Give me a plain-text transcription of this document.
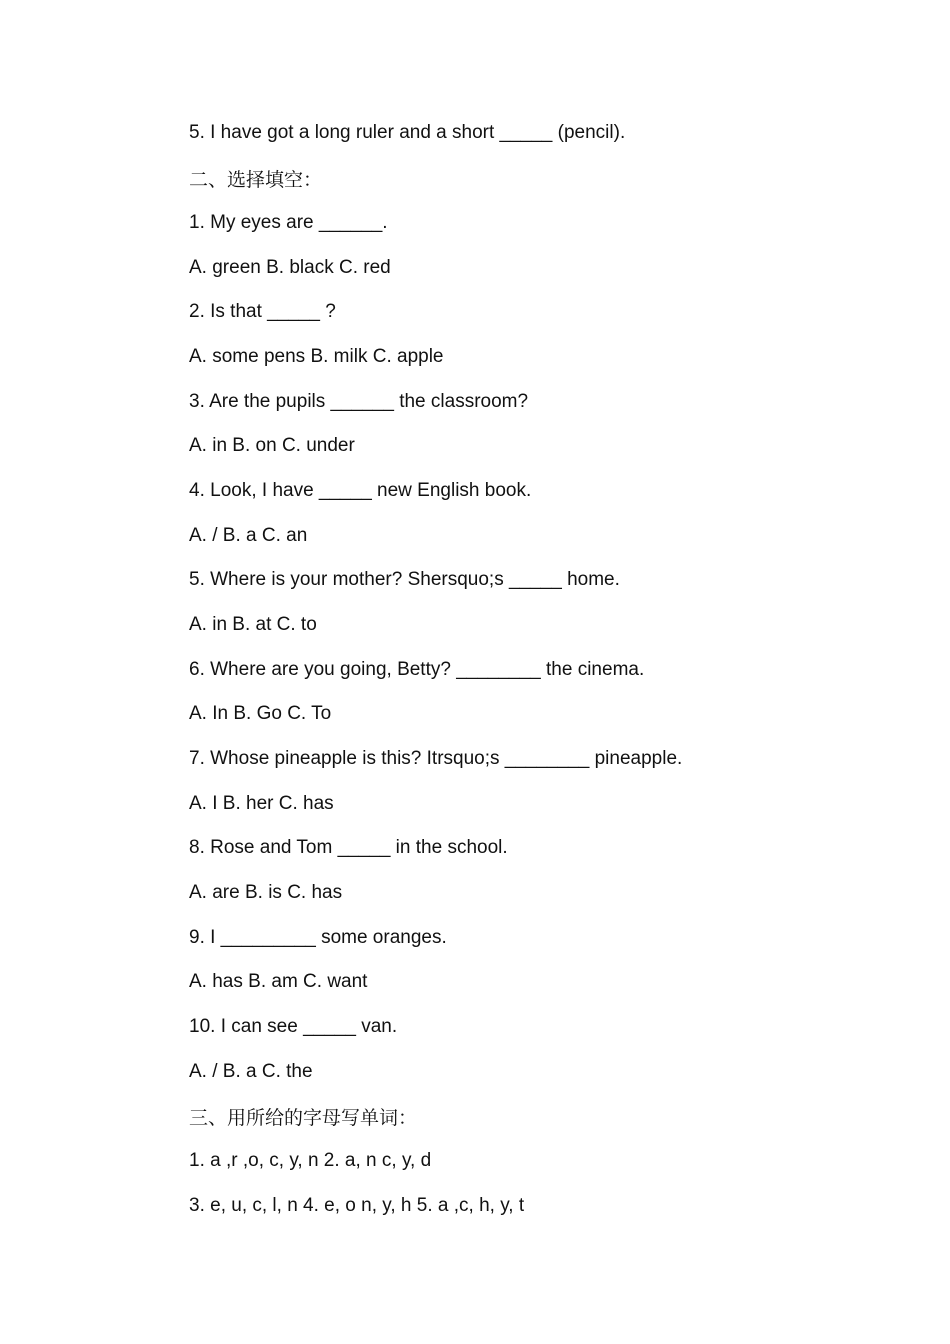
5. I have got a long ruler and a short _____ (pencil).
二、选择填空：
1. My eyes are ______.
A. green B. black C. red
2. Is that _____ ?
A. some pens B. milk C. apple
3. Are the pupils ______ the classroom?
A. in B. on C. under
4. Look, I have _____ new English book.
A. / B. a C. an
5. Where is your mother? Shersquo;s _____ home.
A. in B. at C. to
6. Where are you going, Betty? ________ the cinema.
A. In B. Go C. To
7. Whose pineapple is this? Itrsquo;s ________ pineapple.
A. I B. her C. has
8. Rose and Tom _____ in the school.
A. are B. is C. has
9. I _________ some oranges.
A. has B. am C. want
10. I can see _____ van.
A. / B. a C. the
三、用所给的字母写单词：
1. a ,r ,o, c, y, n 2. a, n c, y, d
3. e, u, c, l, n 4. e, o n, y, h 5. a ,c, h, y, t
